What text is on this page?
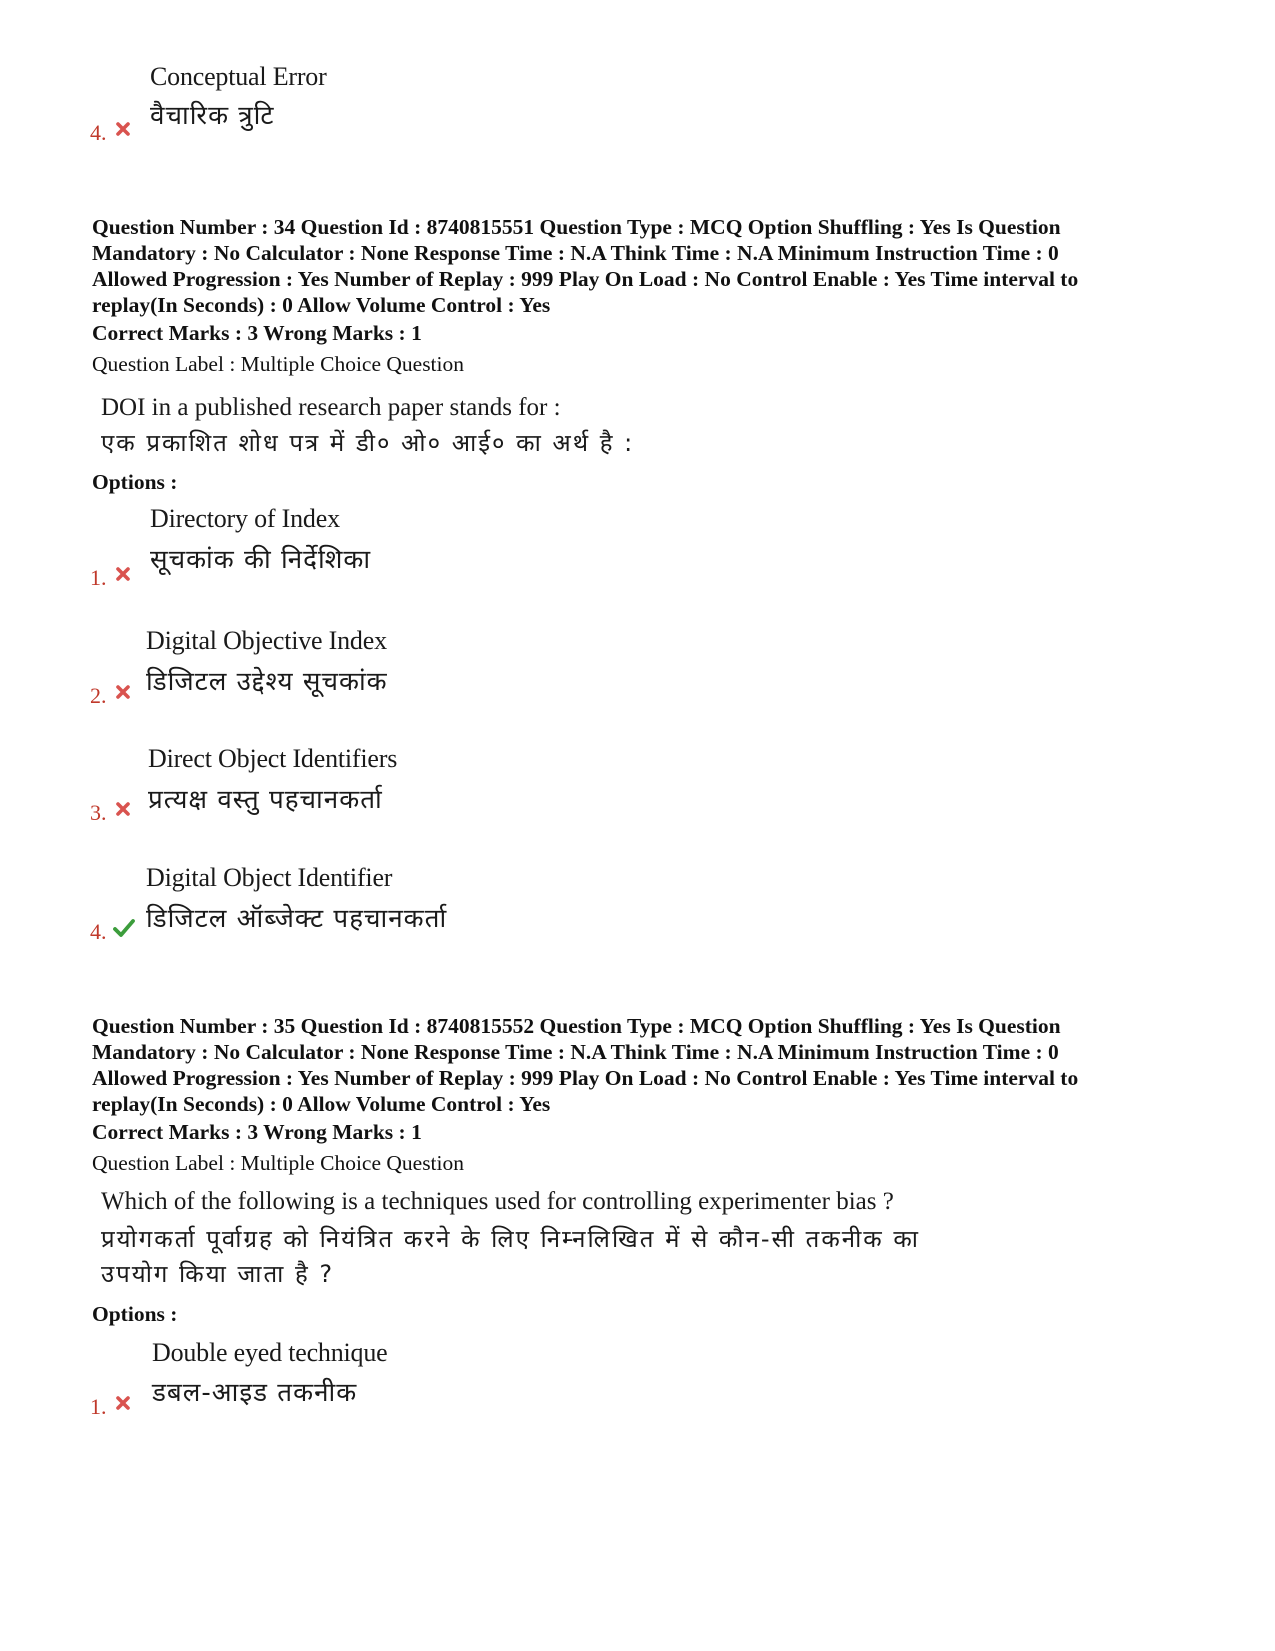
Conceptual Error
वैचारिक त्रुटि
4.
Question Number : 34 Question Id : 8740815551 Question Type : MCQ Option Shuffling : Yes Is Question
Mandatory : No Calculator : None Response Time : N.A Think Time : N.A Minimum Instruction Time : 0
Allowed Progression : Yes Number of Replay : 999 Play On Load : No Control Enable : Yes Time interval to
replay(In Seconds) : 0 Allow Volume Control : Yes
Correct Marks : 3 Wrong Marks : 1
Question Label : Multiple Choice Question
DOI in a published research paper stands for :
एक प्रकाशित शोध पत्र में डी० ओ० आई० का अर्थ है :
Options :
Directory of Index
सूचकांक की निर्देशिका
1.
Digital Objective Index
डिजिटल उद्देश्य सूचकांक
2.
Direct Object Identifiers
प्रत्यक्ष वस्तु पहचानकर्ता
3.
Digital Object Identifier
डिजिटल ऑब्जेक्ट पहचानकर्ता
4.
Question Number : 35 Question Id : 8740815552 Question Type : MCQ Option Shuffling : Yes Is Question
Mandatory : No Calculator : None Response Time : N.A Think Time : N.A Minimum Instruction Time : 0
Allowed Progression : Yes Number of Replay : 999 Play On Load : No Control Enable : Yes Time interval to
replay(In Seconds) : 0 Allow Volume Control : Yes
Correct Marks : 3 Wrong Marks : 1
Question Label : Multiple Choice Question
Which of the following is a techniques used for controlling experimenter bias ?
प्रयोगकर्ता पूर्वाग्रह को नियंत्रित करने के लिए निम्नलिखित में से कौन-सी तकनीक का
उपयोग किया जाता है ?
Options :
Double eyed technique
डबल-आइड तकनीक
1.
